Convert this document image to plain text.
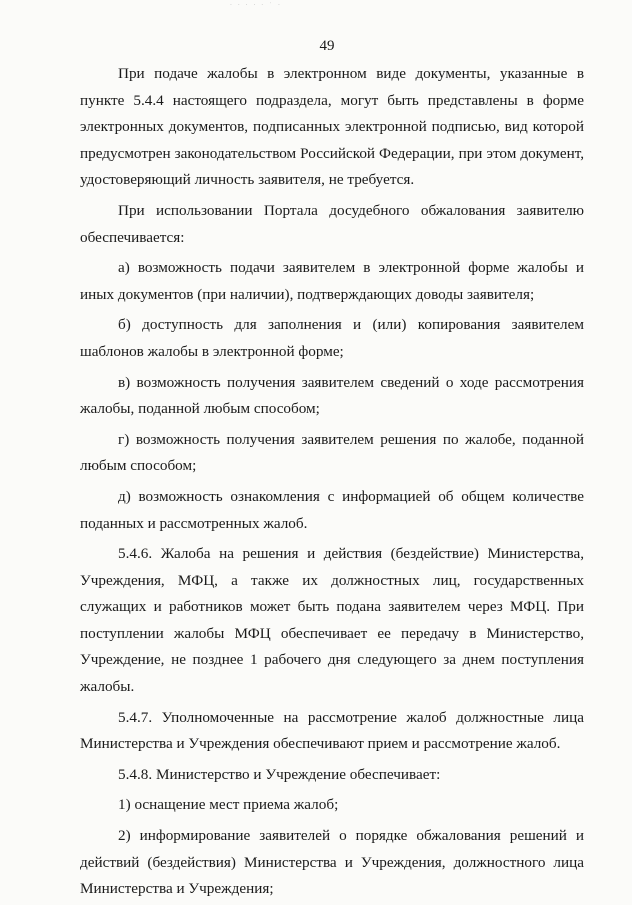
· · · · · ˙ ·
49

При подаче жалобы в электронном виде документы, указанные в пункте 5.4.4 настоящего подраздела, могут быть представлены в форме электронных документов, подписанных электронной подписью, вид которой предусмотрен законодательством Российской Федерации, при этом документ, удостоверяющий личность заявителя, не требуется.

При использовании Портала досудебного обжалования заявителю обеспечивается:

а) возможность подачи заявителем в электронной форме жалобы и иных документов (при наличии), подтверждающих доводы заявителя;

б) доступность для заполнения и (или) копирования заявителем шаблонов жалобы в электронной форме;

в) возможность получения заявителем сведений о ходе рассмотрения жалобы, поданной любым способом;

г) возможность получения заявителем решения по жалобе, поданной любым способом;

д) возможность ознакомления с информацией об общем количестве поданных и рассмотренных жалоб.

5.4.6. Жалоба на решения и действия (бездействие) Министерства, Учреждения, МФЦ, а также их должностных лиц, государственных служащих и работников может быть подана заявителем через МФЦ. При поступлении жалобы МФЦ обеспечивает ее передачу в Министерство, Учреждение, не позднее 1 рабочего дня следующего за днем поступления жалобы.

5.4.7. Уполномоченные на рассмотрение жалоб должностные лица Министерства и Учреждения обеспечивают прием и рассмотрение жалоб.

5.4.8. Министерство и Учреждение обеспечивает:

1) оснащение мест приема жалоб;

2) информирование заявителей о порядке обжалования решений и действий (бездействия) Министерства и Учреждения, должностного лица Министерства и Учреждения;
